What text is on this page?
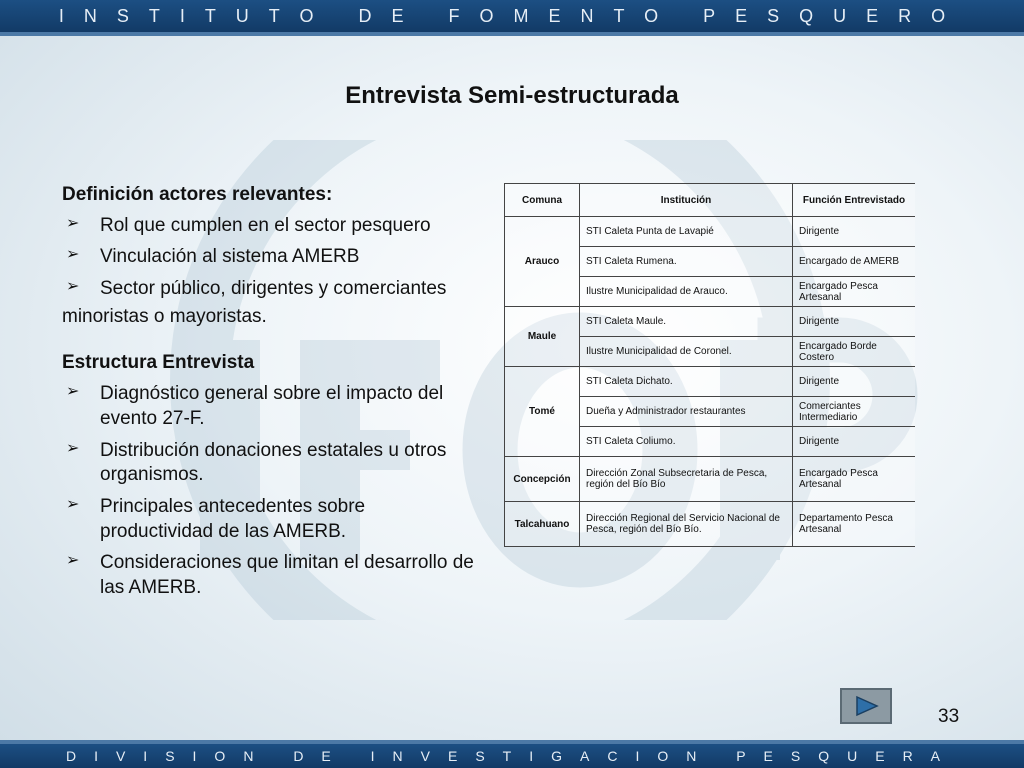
INSTITUTO DE FOMENTO PESQUERO
Entrevista Semi-estructurada
Definición actores relevantes:
➢ Rol que cumplen en el sector pesquero
➢ Vinculación al sistema AMERB
➢ Sector público, dirigentes y comerciantes
minoristas o mayoristas.
Estructura Entrevista
➢ Diagnóstico general sobre el impacto del evento 27-F.
➢ Distribución donaciones estatales u otros organismos.
➢ Principales antecedentes sobre productividad de las AMERB.
➢ Consideraciones que limitan el desarrollo de las AMERB.
Comuna	Institución	Función Entrevistado
Arauco	STI Caleta Punta de Lavapié	Dirigente
	STI Caleta Rumena.	Encargado de AMERB
	Ilustre Municipalidad de Arauco.	Encargado Pesca Artesanal
Maule	STI Caleta Maule.	Dirigente
	Ilustre Municipalidad de Coronel.	Encargado Borde Costero
Tomé	STI Caleta Dichato.	Dirigente
	Dueña y Administrador restaurantes	Comerciantes Intermediario
	STI Caleta Coliumo.	Dirigente
Concepción	Dirección Zonal Subsecretaria de Pesca, región del Bío Bío	Encargado Pesca Artesanal
Talcahuano	Dirección Regional del Servicio Nacional de Pesca, región del Bío Bío.	Departamento Pesca Artesanal
33
DIVISION DE INVESTIGACION PESQUERA
